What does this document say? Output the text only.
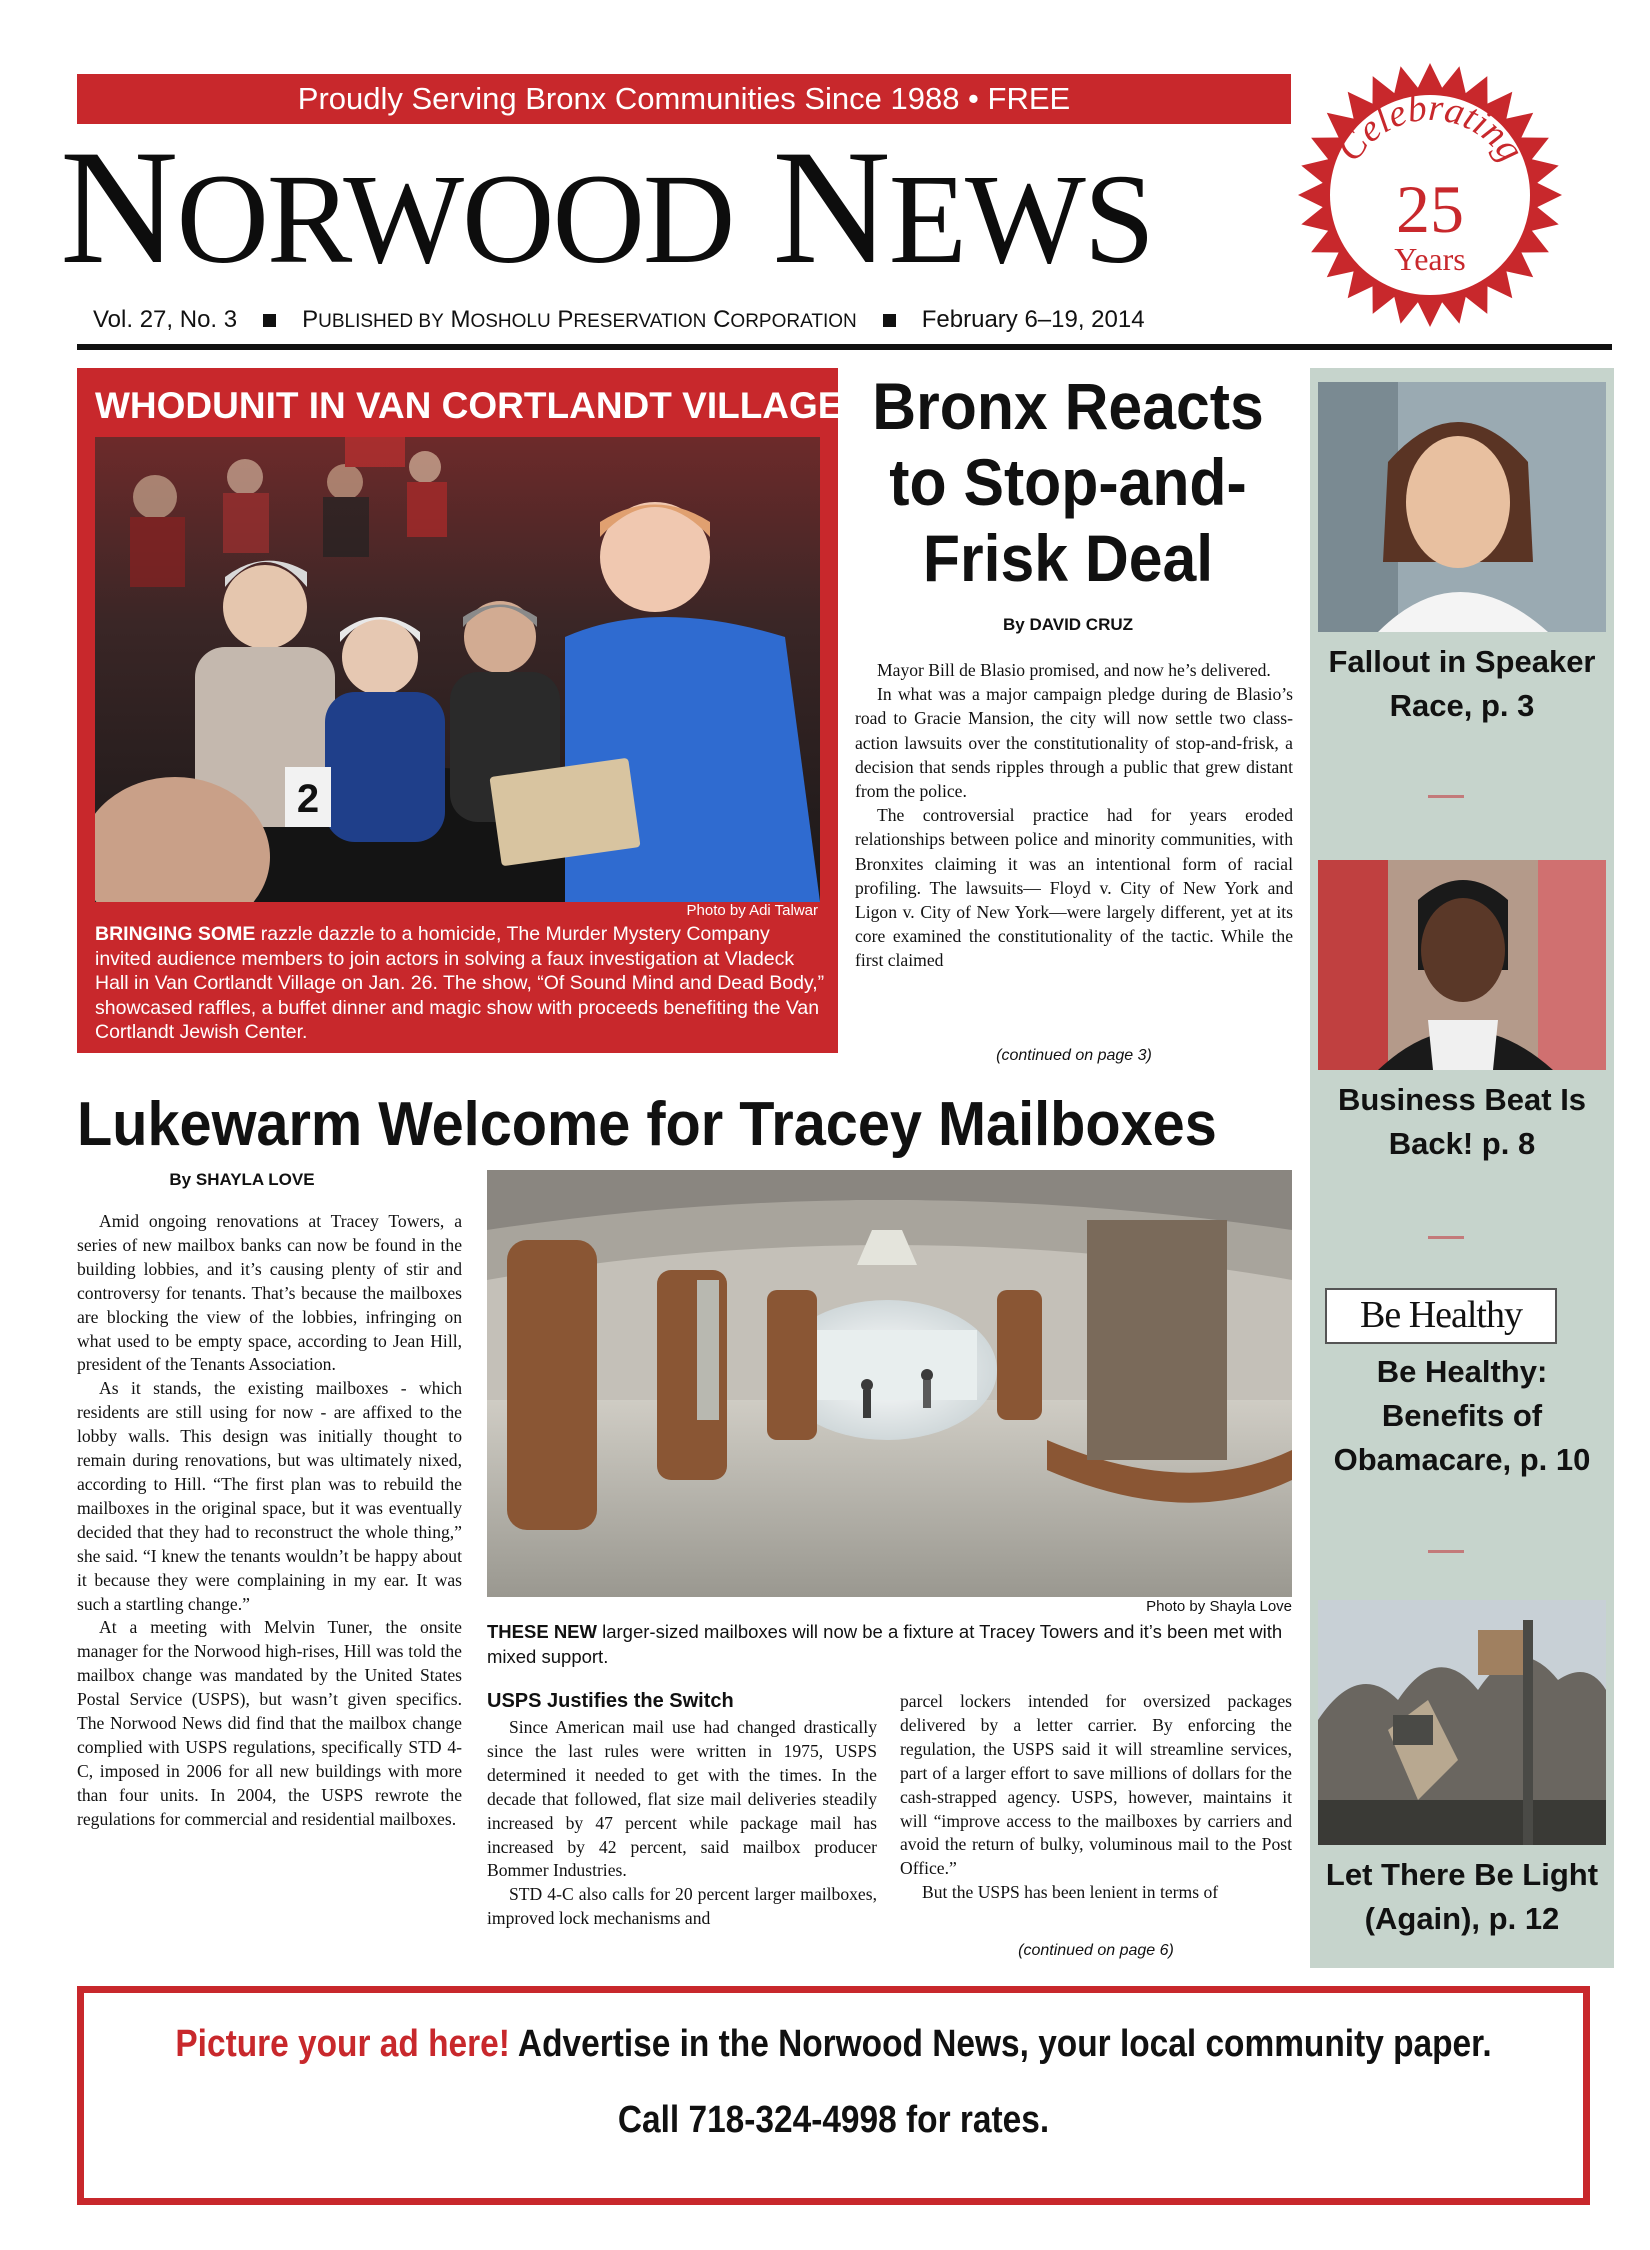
Proudly Serving Bronx Communities Since 1988 • FREE
NORWOOD NEWS
Celebrating
25
Years
Vol. 27, No. 3	PUBLISHED BY MOSHOLU PRESERVATION CORPORATION	February 6–19, 2014
WHODUNIT IN VAN CORTLANDT VILLAGE
2
Photo by Adi Talwar
BRINGING SOME razzle dazzle to a homicide, The Murder Mystery Company invited audience members to join actors in solving a faux investigation at Vladeck Hall in Van Cortlandt Village on Jan. 26. The show, “Of Sound Mind and Dead Body,” showcased raffles, a buffet dinner and magic show with proceeds benefiting the Van Cortlandt Jewish Center.
Bronx Reacts to Stop-and-Frisk Deal
By DAVID CRUZ

Mayor Bill de Blasio promised, and now he’s delivered.

In what was a major campaign pledge during de Blasio’s road to Gracie Mansion, the city will now settle two class-action lawsuits over the constitutionality of stop-and-frisk, a decision that sends ripples through a public that grew distant from the police.

The controversial practice had for years eroded relationships between police and minority communities, with Bronxites claiming it was an intentional form of racial profiling. The lawsuits— Floyd v. City of New York and Ligon v. City of New York—were largely different, yet at its core examined the constitutionality of the tactic. While the first claimed

(continued on page 3)
Fallout in Speaker Race, p. 3
Business Beat Is Back! p. 8
Be Healthy
Be Healthy: Benefits of Obamacare, p. 10
Let There Be Light (Again), p. 12
Lukewarm Welcome for Tracey Mailboxes
By SHAYLA LOVE

Amid ongoing renovations at Tracey Towers, a series of new mailbox banks can now be found in the building lobbies, and it’s causing plenty of stir and controversy for tenants. That’s because the mailboxes are blocking the view of the lobbies, infringing on what used to be empty space, according to Jean Hill, president of the Tenants Association.

As it stands, the existing mailboxes - which residents are still using for now - are affixed to the lobby walls. This design was initially thought to remain during renovations, but was ultimately nixed, according to Hill. “The first plan was to rebuild the mailboxes in the original space, but it was eventually decided that they had to reconstruct the whole thing,” she said. “I knew the tenants wouldn’t be happy about it because they were complaining in my ear. It was such a startling change.”

At a meeting with Melvin Tuner, the onsite manager for the Norwood high-rises, Hill was told the mailbox change was mandated by the United States Postal Service (USPS), but wasn’t given specifics. The Norwood News did find that the mailbox change complied with USPS regulations, specifically STD 4-C, imposed in 2006 for all new buildings with more than four units. In 2004, the USPS rewrote the regulations for commercial and residential mailboxes.

Photo by Shayla Love
THESE NEW larger-sized mailboxes will now be a fixture at Tracey Towers and it’s been met with mixed support.
USPS Justifies the Switch

Since American mail use had changed drastically since the last rules were written in 1975, USPS determined it needed to get with the times. In the decade that followed, flat size mail deliveries steadily increased by 47 percent while package mail has increased by 42 percent, said mailbox producer Bommer Industries.

STD 4-C also calls for 20 percent larger mailboxes, improved lock mechanisms and

parcel lockers intended for oversized packages delivered by a letter carrier. By enforcing the regulation, the USPS said it will streamline services, part of a larger effort to save millions of dollars for the cash-strapped agency. USPS, however, maintains it will “improve access to the mailboxes by carriers and avoid the return of bulky, voluminous mail to the Post Office.”

But the USPS has been lenient in terms of

(continued on page 6)
Picture your ad here! Advertise in the Norwood News, your local community paper.
Call 718-324-4998 for rates.
